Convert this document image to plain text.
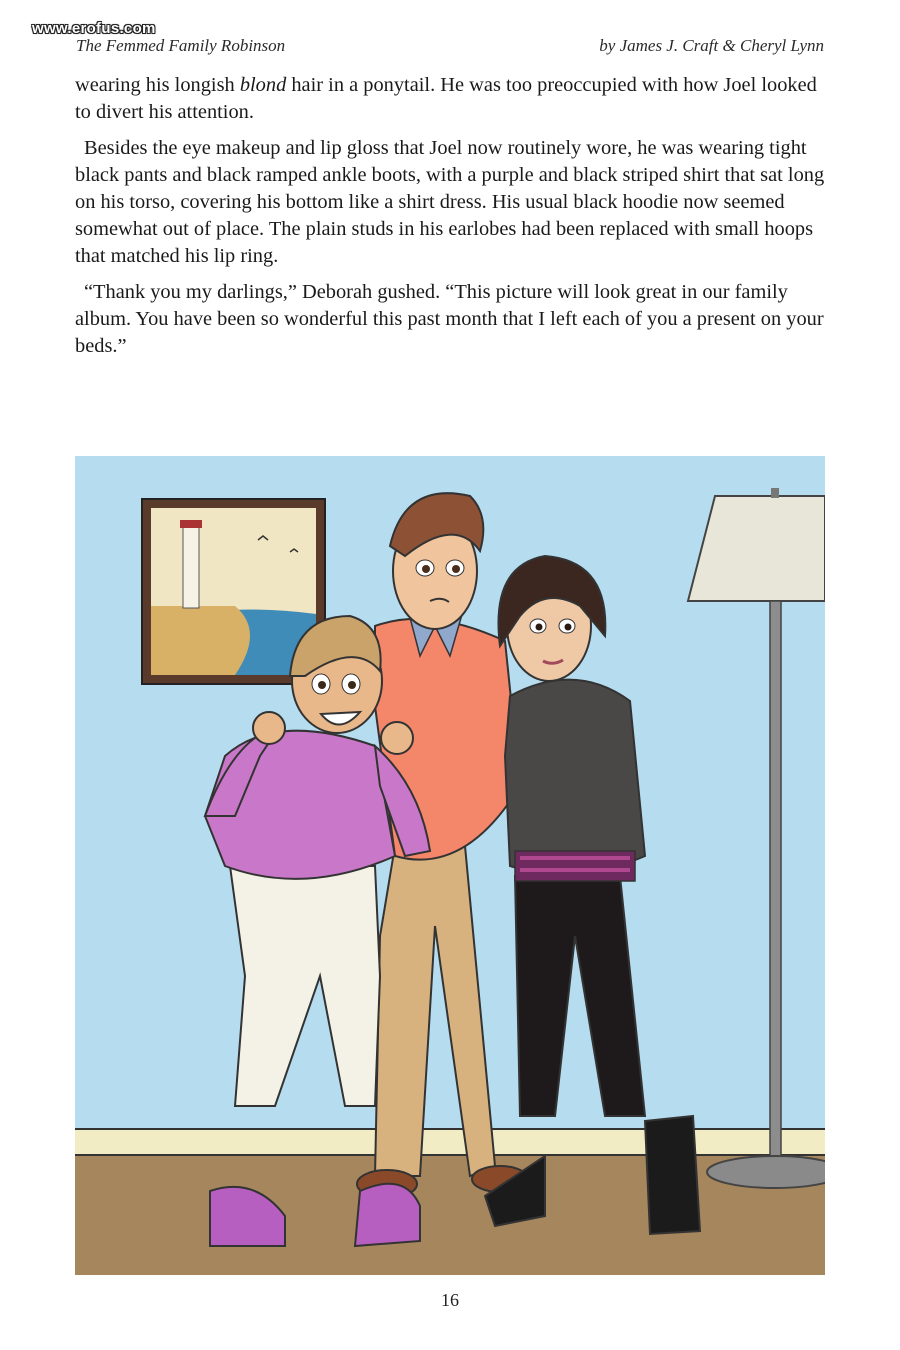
www.erofus.com
The Femmed Family Robinson	by James J. Craft & Cheryl Lynn

wearing his longish blond hair in a ponytail. He was too preoccupied with how Joel looked to divert his attention.

Besides the eye makeup and lip gloss that Joel now routinely wore, he was wearing tight black pants and black ramped ankle boots, with a purple and black striped shirt that sat long on his torso, covering his bottom like a shirt dress. His usual black hoodie now seemed somewhat out of place. The plain studs in his earlobes had been replaced with small hoops that matched his lip ring.

“Thank you my darlings,” Deborah gushed. “This picture will look great in our family album. You have been so wonderful this past month that I left each of you a present on your beds.”

16
